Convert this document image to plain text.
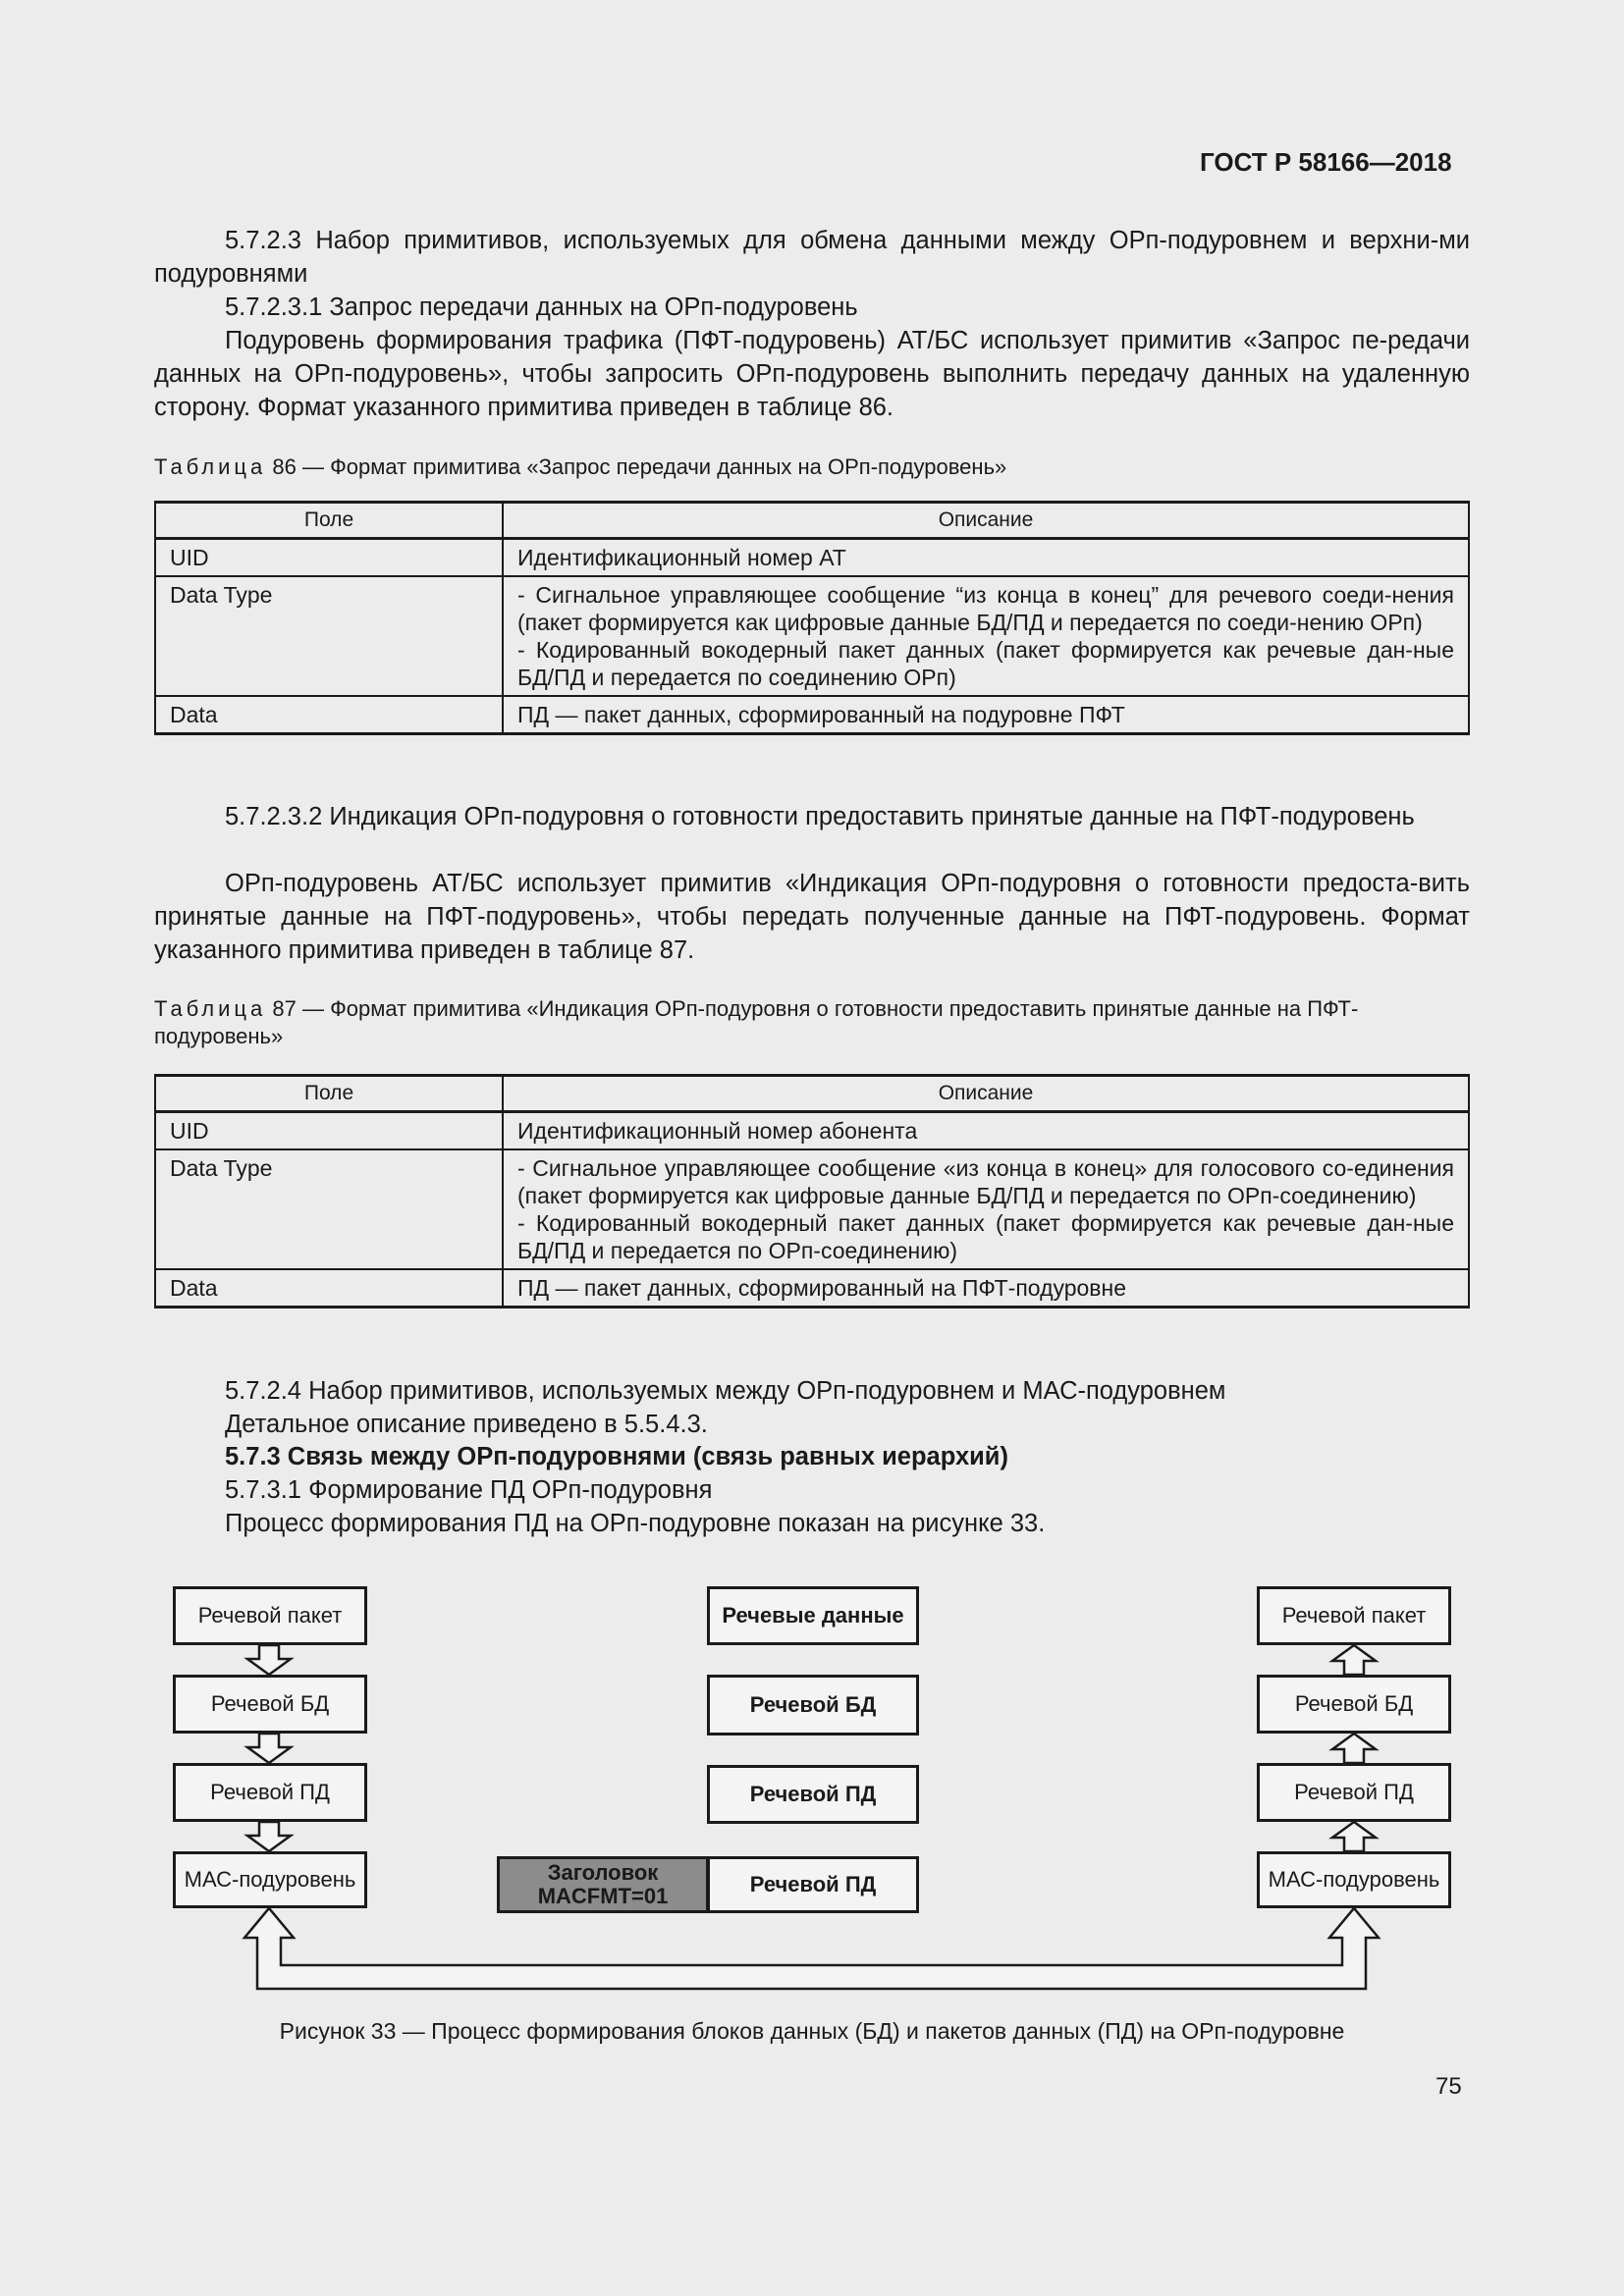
ГОСТ Р 58166—2018
5.7.2.3 Набор примитивов, используемых для обмена данными между ОРп-подуровнем и верхни-ми подуровнями
5.7.2.3.1 Запрос передачи данных на ОРп-подуровень
Подуровень формирования трафика (ПФТ-подуровень) АТ/БС использует примитив «Запрос пе-редачи данных на ОРп-подуровень», чтобы запросить ОРп-подуровень выполнить передачу данных на удаленную сторону. Формат указанного примитива приведен в таблице 86.
Таблица 86 — Формат примитива «Запрос передачи данных на ОРп-подуровень»
Поле	Описание
UID	Идентификационный номер АТ
Data Type	- Сигнальное управляющее сообщение “из конца в конец” для речевого соеди-нения (пакет формируется как цифровые данные БД/ПД и передается по соеди-нению ОРп)
- Кодированный вокодерный пакет данных (пакет формируется как речевые дан-ные БД/ПД и передается по соединению ОРп)

Data	ПД — пакет данных, сформированный на подуровне ПФТ
5.7.2.3.2 Индикация ОРп-подуровня о готовности предоставить принятые данные на ПФТ-подуровень
ОРп-подуровень АТ/БС использует примитив «Индикация ОРп-подуровня о готовности предоста-вить принятые данные на ПФТ-подуровень», чтобы передать полученные данные на ПФТ-подуровень. Формат указанного примитива приведен в таблице 87.
Таблица 87 — Формат примитива «Индикация ОРп-подуровня о готовности предоставить принятые данные на ПФТ-подуровень»
Поле	Описание
UID	Идентификационный номер абонента
Data Type	- Сигнальное управляющее сообщение «из конца в конец» для голосового со-единения (пакет формируется как цифровые данные БД/ПД и передается по ОРп-соединению)
- Кодированный вокодерный пакет данных (пакет формируется как речевые дан-ные БД/ПД и передается по ОРп-соединению)

Data	ПД — пакет данных, сформированный на ПФТ-подуровне
5.7.2.4 Набор примитивов, используемых между ОРп-подуровнем и МАС-подуровнем
Детальное описание приведено в 5.5.4.3.
5.7.3 Связь между ОРп-подуровнями (связь равных иерархий)
5.7.3.1 Формирование ПД ОРп-подуровня
Процесс формирования ПД на ОРп-подуровне показан на рисунке 33.
Речевой пакет
Речевой БД
Речевой ПД
МАС-подуровень
Речевые данные
Речевой БД
Речевой ПД
Речевой ПД
Заголовок
MACFMT=01
Речевой пакет
Речевой БД
Речевой ПД
МАС-подуровень
Рисунок 33 — Процесс формирования блоков данных (БД) и пакетов данных (ПД) на ОРп-подуровне
75
